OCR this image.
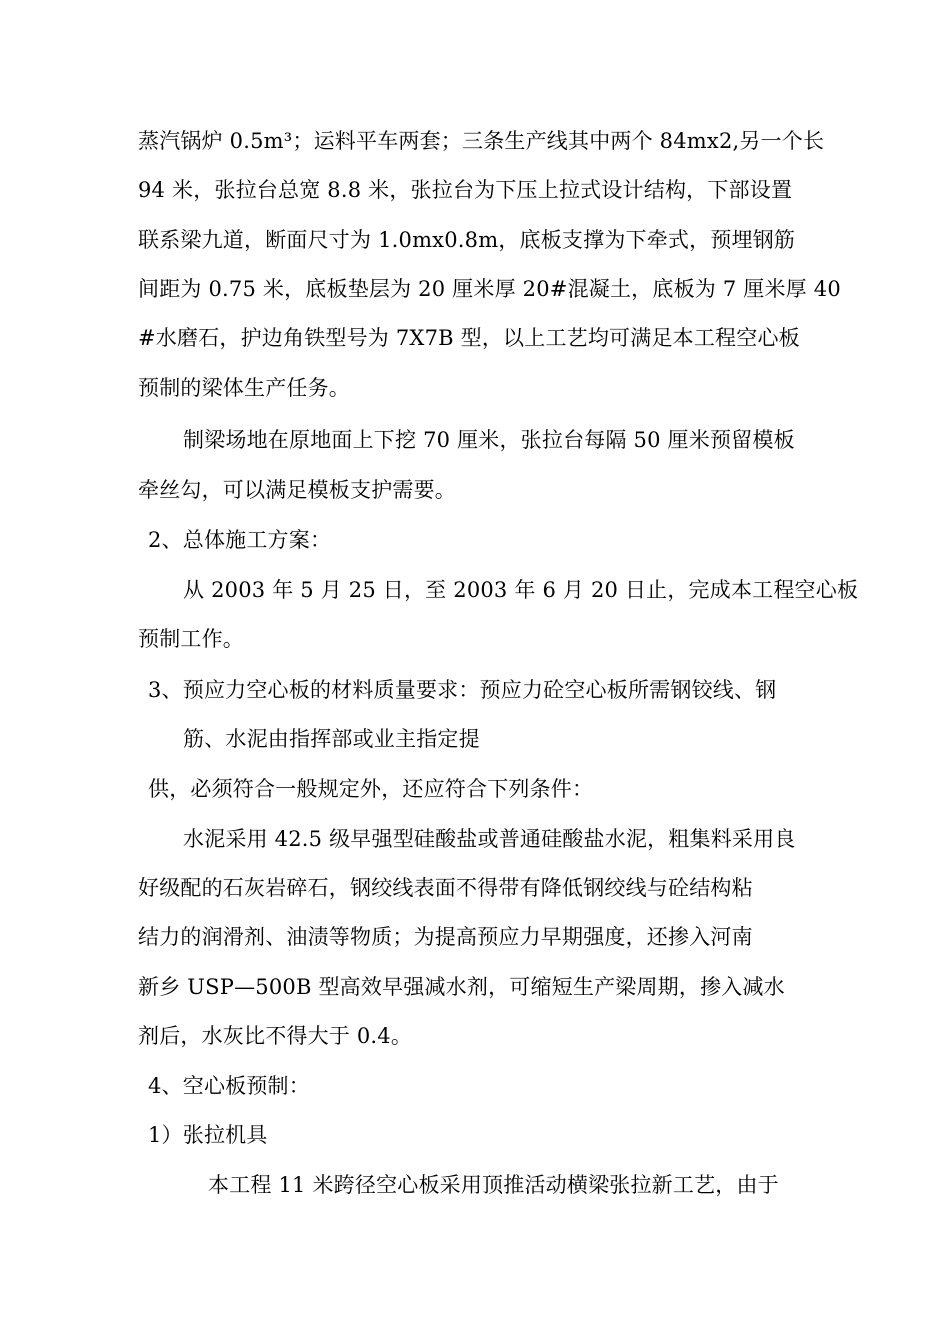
蒸汽锅炉 0.5m³；运料平车两套；三条生产线其中两个 84mx2,另一个长
94 米，张拉台总宽 8.8 米，张拉台为下压上拉式设计结构，下部设置
联系梁九道，断面尺寸为 1.0mx0.8m，底板支撑为下牵式，预埋钢筋
间距为 0.75 米，底板垫层为 20 厘米厚 20#混凝土，底板为 7 厘米厚 40
#水磨石，护边角铁型号为 7X7B 型，以上工艺均可满足本工程空心板
预制的梁体生产任务。
制梁场地在原地面上下挖 70 厘米，张拉台每隔 50 厘米预留模板
牵丝勾，可以满足模板支护需要。
2、总体施工方案：
从 2003 年 5 月 25 日，至 2003 年 6 月 20 日止，完成本工程空心板
预制工作。
3、预应力空心板的材料质量要求：预应力砼空心板所需钢铰线、钢
筋、水泥由指挥部或业主指定提
供，必须符合一般规定外，还应符合下列条件：
水泥采用 42.5 级早强型硅酸盐或普通硅酸盐水泥，粗集料采用良
好级配的石灰岩碎石，钢绞线表面不得带有降低钢绞线与砼结构粘
结力的润滑剂、油渍等物质；为提高预应力早期强度，还掺入河南
新乡 USP—500B 型高效早强减水剂，可缩短生产梁周期，掺入减水
剂后，水灰比不得大于 0.4。
4、空心板预制：
1）张拉机具
本工程 11 米跨径空心板采用顶推活动横梁张拉新工艺，由于
